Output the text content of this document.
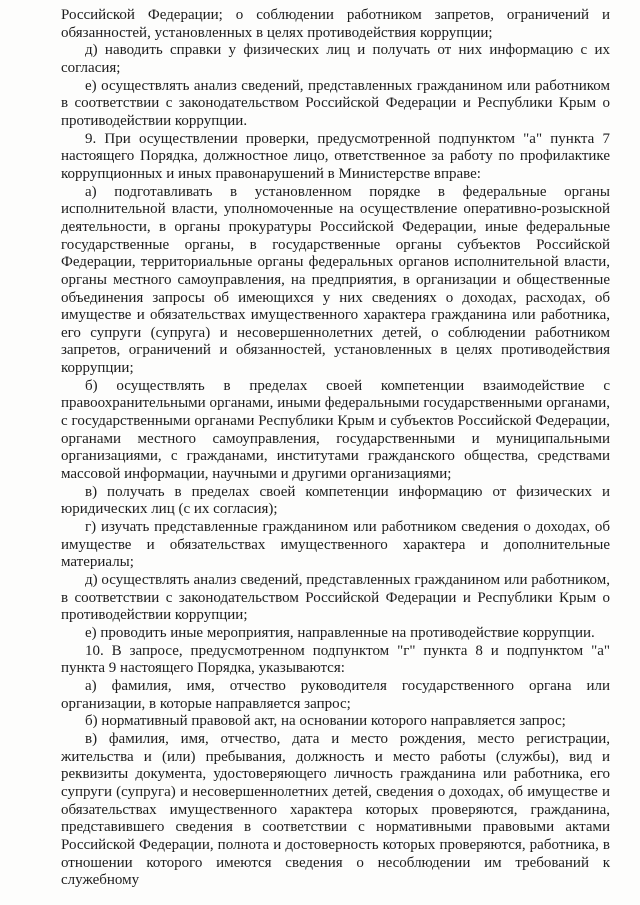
Российской Федерации; о соблюдении работником запретов, ограничений и обязанностей, установленных в целях противодействия коррупции;

д) наводить справки у физических лиц и получать от них информацию с их согласия;

е) осуществлять анализ сведений, представленных гражданином или работником в соответствии с законодательством Российской Федерации и Республики Крым о противодействии коррупции.

9. При осуществлении проверки, предусмотренной подпунктом "а" пункта 7 настоящего Порядка, должностное лицо, ответственное за работу по профилактике коррупционных и иных правонарушений в Министерстве вправе:

а) подготавливать в установленном порядке в федеральные органы исполнительной власти, уполномоченные на осуществление оперативно-розыскной деятельности, в органы прокуратуры Российской Федерации, иные федеральные государственные органы, в государственные органы субъектов Российской Федерации, территориальные органы федеральных органов исполнительной власти, органы местного самоуправления, на предприятия, в организации и общественные объединения запросы об имеющихся у них сведениях о доходах, расходах, об имуществе и обязательствах имущественного характера гражданина или работника, его супруги (супруга) и несовершеннолетних детей, о соблюдении работником запретов, ограничений и обязанностей, установленных в целях противодействия коррупции;

б) осуществлять в пределах своей компетенции взаимодействие с правоохранительными органами, иными федеральными государственными органами, с государственными органами Республики Крым и субъектов Российской Федерации, органами местного самоуправления, государственными и муниципальными организациями, с гражданами, институтами гражданского общества, средствами массовой информации, научными и другими организациями;

в) получать в пределах своей компетенции информацию от физических и юридических лиц (с их согласия);

г) изучать представленные гражданином или работником сведения о доходах, об имуществе и обязательствах имущественного характера и дополнительные материалы;

д) осуществлять анализ сведений, представленных гражданином или работником, в соответствии с законодательством Российской Федерации и Республики Крым о противодействии коррупции;

е) проводить иные мероприятия, направленные на противодействие коррупции.

10. В запросе, предусмотренном подпунктом "г" пункта 8 и подпунктом "а" пункта 9 настоящего Порядка, указываются:

а) фамилия, имя, отчество руководителя государственного органа или организации, в которые направляется запрос;

б) нормативный правовой акт, на основании которого направляется запрос;

в) фамилия, имя, отчество, дата и место рождения, место регистрации, жительства и (или) пребывания, должность и место работы (службы), вид и реквизиты документа, удостоверяющего личность гражданина или работника, его супруги (супруга) и несовершеннолетних детей, сведения о доходах, об имуществе и обязательствах имущественного характера которых проверяются, гражданина, представившего сведения в соответствии с нормативными правовыми актами Российской Федерации, полнота и достоверность которых проверяются, работника, в отношении которого имеются сведения о несоблюдении им требований к служебному
